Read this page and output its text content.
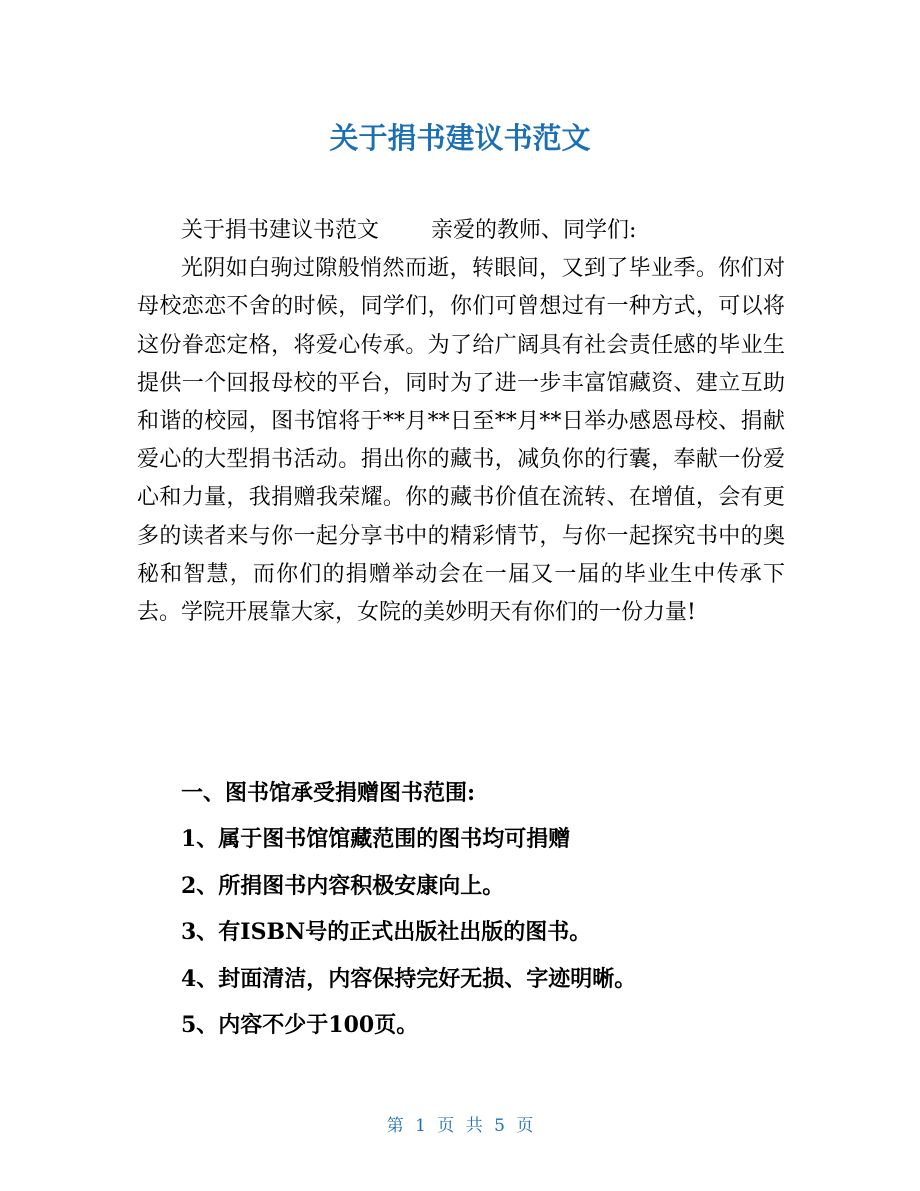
关于捐书建议书范文

关于捐书建议书范文 亲爱的教师、同学们:

光阴如白驹过隙般悄然而逝，转眼间，又到了毕业季。你们对母校恋恋不舍的时候，同学们，你们可曾想过有一种方式，可以将这份眷恋定格，将爱心传承。为了给广阔具有社会责任感的毕业生提供一个回报母校的平台，同时为了进一步丰富馆藏资、建立互助和谐的校园，图书馆将于**月**日至**月**日举办感恩母校、捐献爱心的大型捐书活动。捐出你的藏书，减负你的行囊，奉献一份爱心和力量，我捐赠我荣耀。你的藏书价值在流转、在增值，会有更多的读者来与你一起分享书中的精彩情节，与你一起探究书中的奥秘和智慧，而你们的捐赠举动会在一届又一届的毕业生中传承下去。学院开展靠大家，女院的美妙明天有你们的一份力量!

一、图书馆承受捐赠图书范围:
1、属于图书馆馆藏范围的图书均可捐赠
2、所捐图书内容积极安康向上。
3、有ISBN号的正式出版社出版的图书。
4、封面清洁，内容保持完好无损、字迹明晰。
5、内容不少于100页。
第 1 页 共 5 页
